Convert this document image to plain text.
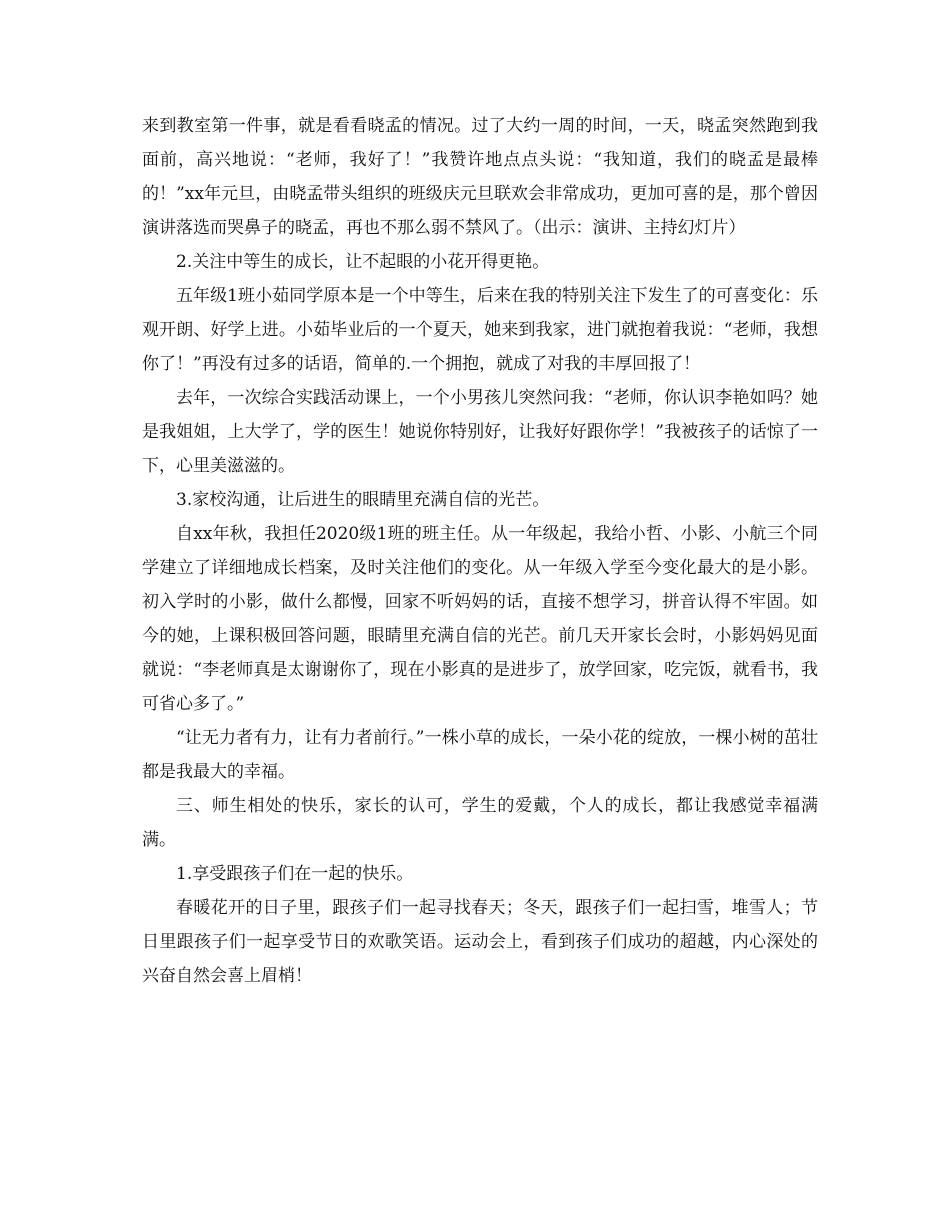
来到教室第一件事，就是看看晓孟的情况。过了大约一周的时间，一天，晓孟突然跑到我面前，高兴地说：“老师，我好了！”我赞许地点点头说：“我知道，我们的晓孟是最棒的！”xx年元旦，由晓孟带头组织的班级庆元旦联欢会非常成功，更加可喜的是，那个曾因演讲落选而哭鼻子的晓孟，再也不那么弱不禁风了。（出示：演讲、主持幻灯片）

2.关注中等生的成长，让不起眼的小花开得更艳。

五年级1班小茹同学原本是一个中等生，后来在我的特别关注下发生了的可喜变化：乐观开朗、好学上进。小茹毕业后的一个夏天，她来到我家，进门就抱着我说：“老师，我想你了！”再没有过多的话语，简单的.一个拥抱，就成了对我的丰厚回报了！

去年，一次综合实践活动课上，一个小男孩儿突然问我：“老师，你认识李艳如吗？她是我姐姐，上大学了，学的医生！她说你特别好，让我好好跟你学！”我被孩子的话惊了一下，心里美滋滋的。

3.家校沟通，让后进生的眼睛里充满自信的光芒。

自xx年秋，我担任2020级1班的班主任。从一年级起，我给小哲、小影、小航三个同学建立了详细地成长档案，及时关注他们的变化。从一年级入学至今变化最大的是小影。初入学时的小影，做什么都慢，回家不听妈妈的话，直接不想学习，拼音认得不牢固。如今的她，上课积极回答问题，眼睛里充满自信的光芒。前几天开家长会时，小影妈妈见面就说：“李老师真是太谢谢你了，现在小影真的是进步了，放学回家，吃完饭，就看书，我可省心多了。”

“让无力者有力，让有力者前行。”一株小草的成长，一朵小花的绽放，一棵小树的茁壮都是我最大的幸福。

三、师生相处的快乐，家长的认可，学生的爱戴，个人的成长，都让我感觉幸福满满。

1.享受跟孩子们在一起的快乐。

春暖花开的日子里，跟孩子们一起寻找春天；冬天，跟孩子们一起扫雪，堆雪人；节日里跟孩子们一起享受节日的欢歌笑语。运动会上，看到孩子们成功的超越，内心深处的兴奋自然会喜上眉梢！
